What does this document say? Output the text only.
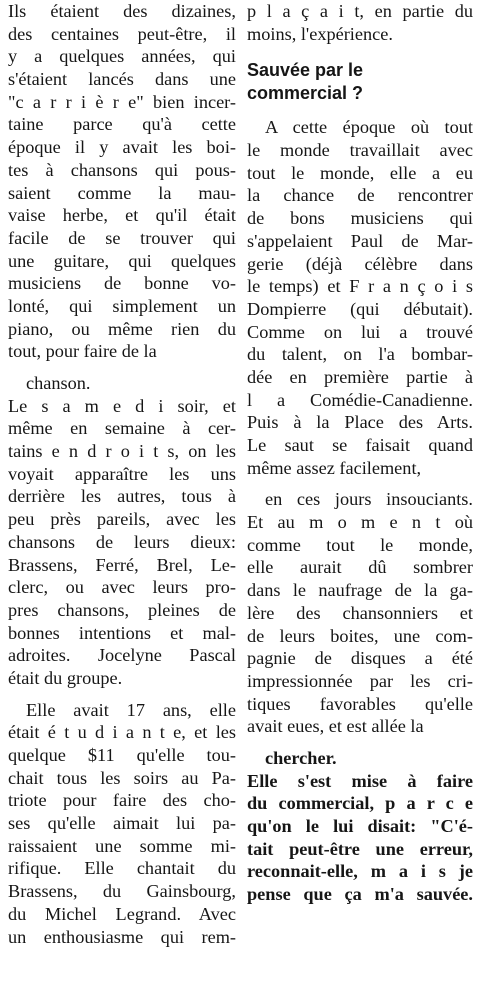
Ils étaient des dizaines,
des centaines peut-être, il
y a quelques années, qui
s'étaient lancés dans une
"c a r r i è r e" bien incer-
taine parce qu'à cette
époque il y avait les boi-
tes à chansons qui pous-
saient comme la mau-
vaise herbe, et qu'il était
facile de se trouver qui
une guitare, qui quelques
musiciens de bonne vo-
lonté, qui simplement un
piano, ou même rien du
tout, pour faire de la
chanson.
Le s a m e d i soir, et
même en semaine à cer-
tains e n d r o i t s, on les
voyait apparaître les uns
derrière les autres, tous à
peu près pareils, avec les
chansons de leurs dieux:
Brassens, Ferré, Brel, Le-
clerc, ou avec leurs pro-
pres chansons, pleines de
bonnes intentions et mal-
adroites. Jocelyne Pascal
était du groupe.
Elle avait 17 ans, elle
était é t u d i a n t e, et les
quelque $11 qu'elle tou-
chait tous les soirs au Pa-
triote pour faire des cho-
ses qu'elle aimait lui pa-
raissaient une somme mi-
rifique. Elle chantait du
Brassens, du Gainsbourg,
du Michel Legrand. Avec
un enthousiasme qui rem-
p l a ç a i t, en partie du
moins, l'expérience.
Sauvée par le
commercial ?
A cette époque où tout
le monde travaillait avec
tout le monde, elle a eu
la chance de rencontrer
de bons musiciens qui
s'appelaient Paul de Mar-
gerie (déjà célèbre dans
le temps) et F r a n ç o i s
Dompierre (qui débutait).
Comme on lui a trouvé
du talent, on l'a bombar-
dée en première partie à
l a Comédie-Canadienne.
Puis à la Place des Arts.
Le saut se faisait quand
même assez facilement,
en ces jours insouciants.
Et au m o m e n t où
comme tout le monde,
elle aurait dû sombrer
dans le naufrage de la ga-
lère des chansonniers et
de leurs boites, une com-
pagnie de disques a été
impressionnée par les cri-
tiques favorables qu'elle
avait eues, et est allée la
chercher.
Elle s'est mise à faire
du commercial, p a r c e
qu'on le lui disait: "C'é-
tait peut-être une erreur,
reconnait-elle, m a i s je
pense que ça m'a sauvée.
